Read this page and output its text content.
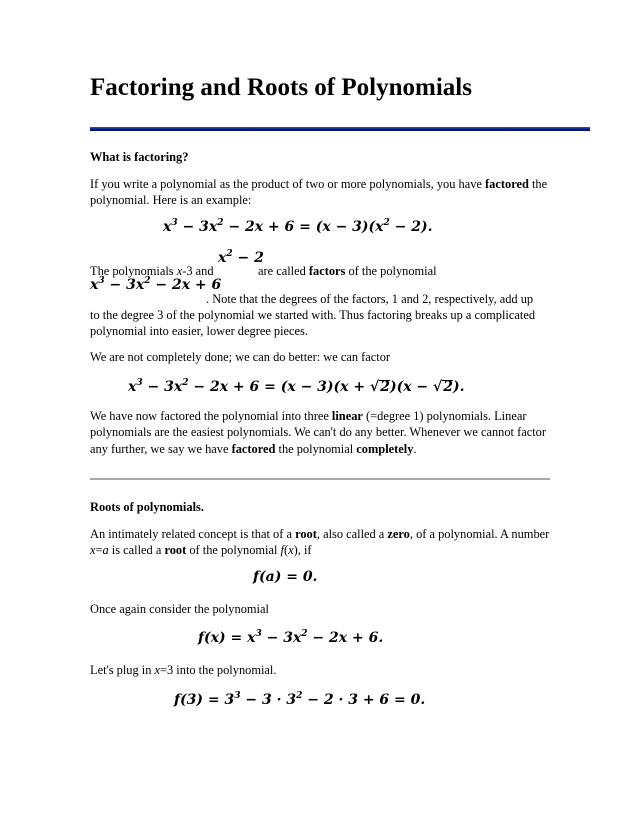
Factoring and Roots of Polynomials
What is factoring?

If you write a polynomial as the product of two or more polynomials, you have factored the polynomial. Here is an example:

$x^3 - 3x^2 - 2x + 6 = (x - 3)(x^2 - 2)$.
$x^2 - 2$
The polynomials x-3 and	are called factors of the polynomial
$x^3 - 3x^2 - 2x + 6$
. Note that the degrees of the factors, 1 and 2, respectively, add up

to the degree 3 of the polynomial we started with. Thus factoring breaks up a complicated polynomial into easier, lower degree pieces.

We are not completely done; we can do better: we can factor

$x^3 - 3x^2 - 2x + 6 = (x - 3)(x + √2)(x - √2)$.

We have now factored the polynomial into three linear (=degree 1) polynomials. Linear polynomials are the easiest polynomials. We can't do any better. Whenever we cannot factor any further, we say we have factored the polynomial completely.

Roots of polynomials.

An intimately related concept is that of a root, also called a zero, of a polynomial. A number x=a is called a root of the polynomial f(x), if

f(a) = 0.

Once again consider the polynomial

$f(x) = x^3 - 3x^2 - 2x + 6$.

Let's plug in x=3 into the polynomial.

$f(3) = 3^3 - 3 \cdot 3^2 - 2 \cdot 3 + 6 = 0$.
